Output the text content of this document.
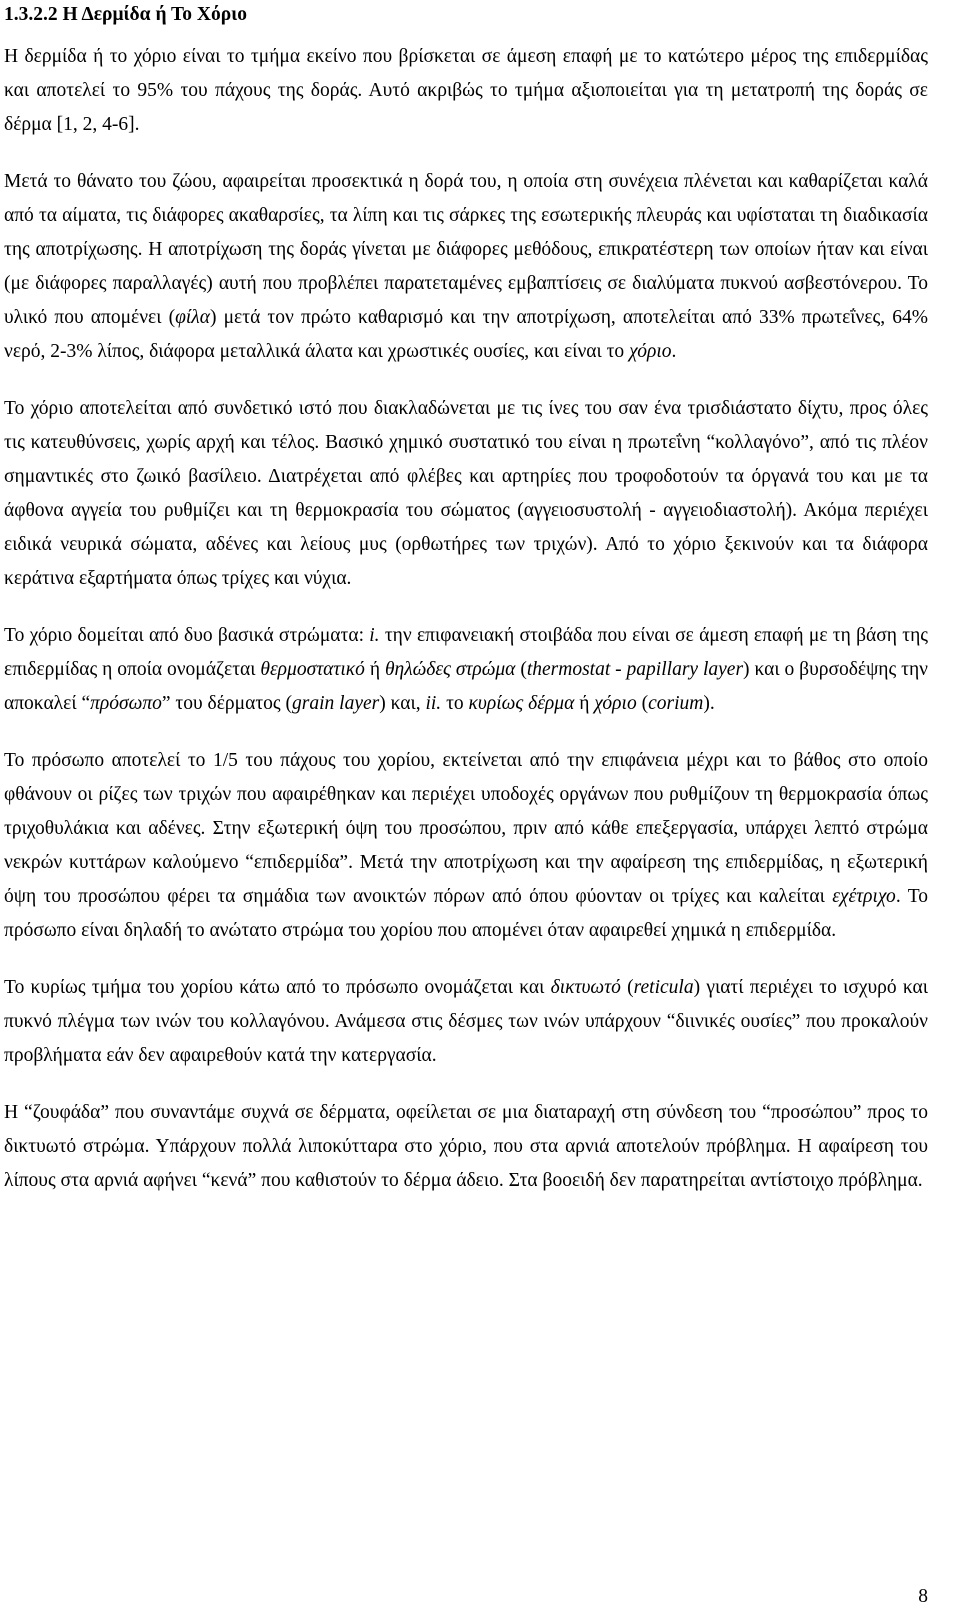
1.3.2.2 Η Δερμίδα ή Το Χόριο

Η δερμίδα ή το χόριο είναι το τμήμα εκείνο που βρίσκεται σε άμεση επαφή με το κατώτερο μέρος της επιδερμίδας και αποτελεί το 95% του πάχους της δοράς. Αυτό ακριβώς το τμήμα αξιοποιείται για τη μετατροπή της δοράς σε δέρμα [1, 2, 4-6].

Μετά το θάνατο του ζώου, αφαιρείται προσεκτικά η δορά του, η οποία στη συνέχεια πλένεται και καθαρίζεται καλά από τα αίματα, τις διάφορες ακαθαρσίες, τα λίπη και τις σάρκες της εσωτερικής πλευράς και υφίσταται τη διαδικασία της αποτρίχωσης. Η αποτρίχωση της δοράς γίνεται με διάφορες μεθόδους, επικρατέστερη των οποίων ήταν και είναι (με διάφορες παραλλαγές) αυτή που προβλέπει παρατεταμένες εμβαπτίσεις σε διαλύματα πυκνού ασβεστόνερου. Το υλικό που απομένει (φίλα) μετά τον πρώτο καθαρισμό και την αποτρίχωση, αποτελείται από 33% πρωτεΐνες, 64% νερό, 2-3% λίπος, διάφορα μεταλλικά άλατα και χρωστικές ουσίες, και είναι το χόριο.

Το χόριο αποτελείται από συνδετικό ιστό που διακλαδώνεται με τις ίνες του σαν ένα τρισδιάστατο δίχτυ, προς όλες τις κατευθύνσεις, χωρίς αρχή και τέλος. Βασικό χημικό συστατικό του είναι η πρωτεΐνη “κολλαγόνο”, από τις πλέον σημαντικές στο ζωικό βασίλειο. Διατρέχεται από φλέβες και αρτηρίες που τροφοδοτούν τα όργανά του και με τα άφθονα αγγεία του ρυθμίζει και τη θερμοκρασία του σώματος (αγγειοσυστολή - αγγειοδιαστολή). Ακόμα περιέχει ειδικά νευρικά σώματα, αδένες και λείους μυς (ορθωτήρες των τριχών). Από το χόριο ξεκινούν και τα διάφορα κεράτινα εξαρτήματα όπως τρίχες και νύχια.

Το χόριο δομείται από δυο βασικά στρώματα: i. την επιφανειακή στοιβάδα που είναι σε άμεση επαφή με τη βάση της επιδερμίδας η οποία ονομάζεται θερμοστατικό ή θηλώδες στρώμα (thermostat - papillary layer) και ο βυρσοδέψης την αποκαλεί “πρόσωπο” του δέρματος (grain layer) και, ii. το κυρίως δέρμα ή χόριο (corium).

Το πρόσωπο αποτελεί το 1/5 του πάχους του χορίου, εκτείνεται από την επιφάνεια μέχρι και το βάθος στο οποίο φθάνουν οι ρίζες των τριχών που αφαιρέθηκαν και περιέχει υποδοχές οργάνων που ρυθμίζουν τη θερμοκρασία όπως τριχοθυλάκια και αδένες. Στην εξωτερική όψη του προσώπου, πριν από κάθε επεξεργασία, υπάρχει λεπτό στρώμα νεκρών κυττάρων καλούμενο “επιδερμίδα”. Μετά την αποτρίχωση και την αφαίρεση της επιδερμίδας, η εξωτερική όψη του προσώπου φέρει τα σημάδια των ανοικτών πόρων από όπου φύονταν οι τρίχες και καλείται εχέτριχο. Το πρόσωπο είναι δηλαδή το ανώτατο στρώμα του χορίου που απομένει όταν αφαιρεθεί χημικά η επιδερμίδα.

Το κυρίως τμήμα του χορίου κάτω από το πρόσωπο ονομάζεται και δικτυωτό (reticula) γιατί περιέχει το ισχυρό και πυκνό πλέγμα των ινών του κολλαγόνου. Ανάμεσα στις δέσμες των ινών υπάρχουν “διινικές ουσίες” που προκαλούν προβλήματα εάν δεν αφαιρεθούν κατά την κατεργασία.

Η “ζουφάδα” που συναντάμε συχνά σε δέρματα, οφείλεται σε μια διαταραχή στη σύνδεση του “προσώπου” προς το δικτυωτό στρώμα. Υπάρχουν πολλά λιποκύτταρα στο χόριο, που στα αρνιά αποτελούν πρόβλημα. Η αφαίρεση του λίπους στα αρνιά αφήνει “κενά” που καθιστούν το δέρμα άδειο. Στα βοοειδή δεν παρατηρείται αντίστοιχο πρόβλημα.

8
